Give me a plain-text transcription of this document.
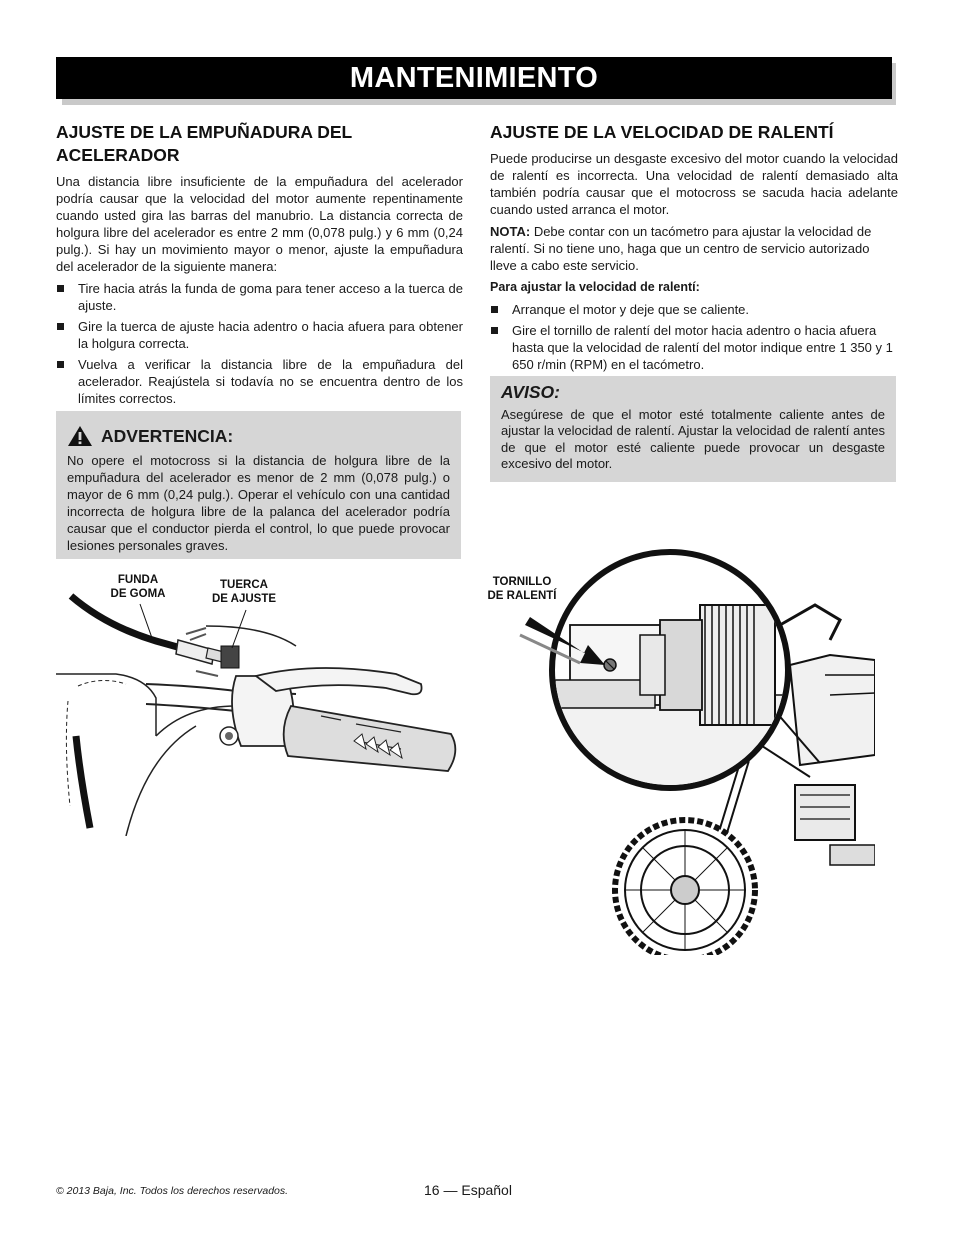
MANTENIMIENTO
AJUSTE DE LA EMPUÑADURA DEL ACELERADOR

Una distancia libre insuficiente de la empuñadura del acelerador podría causar que la velocidad del motor aumente repentinamente cuando usted gira las barras del manubrio. La distancia correcta de holgura libre del acelerador es entre 2 mm (0,078 pulg.) y 6 mm (0,24 pulg.). Si hay un movimiento mayor o menor, ajuste la empuñadura del acelerador de la siguiente manera:

Tire hacia atrás la funda de goma para tener acceso a la tuerca de ajuste.
Gire la tuerca de ajuste hacia adentro o hacia afuera para obtener la holgura correcta.
Vuelva a verificar la distancia libre de la empuñadura del acelerador. Reajústela si todavía no se encuentra dentro de los límites correctos.
ADVERTENCIA:

No opere el motocross si la distancia de holgura libre de la empuñadura del acelerador es menor de 2 mm (0,078 pulg.) o mayor de 6 mm (0,24 pulg.). Operar el vehículo con una cantidad incorrecta de holgura libre de la palanca del acelerador podría causar que el conductor pierda el control, lo que puede provocar lesiones personales graves.

AJUSTE DE LA VELOCIDAD DE RALENTÍ

Puede producirse un desgaste excesivo del motor cuando la velocidad de ralentí es incorrecta. Una velocidad de ralentí demasiado alta también podría causar que el motocross se sacuda hacia adelante cuando usted arranca el motor.

NOTA: Debe contar con un tacómetro para ajustar la velocidad de ralentí. Si no tiene uno, haga que un centro de servicio autorizado lleve a cabo este servicio.

Para ajustar la velocidad de ralentí:

Arranque el motor y deje que se caliente.
Gire el tornillo de ralentí del motor hacia adentro o hacia afuera hasta que la velocidad de ralentí del motor indique entre 1 350 y 1 650 r/min (RPM) en el tacómetro.
AVISO:

Asegúrese de que el motor esté totalmente caliente antes de ajustar la velocidad de ralentí. Ajustar la velocidad de ralentí antes de que el motor esté caliente puede provocar un desgaste excesivo del motor.

FUNDA
DE GOMA
TUERCA
DE AJUSTE
TORNILLO
DE RALENTÍ
© 2013 Baja, Inc. Todos los derechos reservados.	16 — Español
